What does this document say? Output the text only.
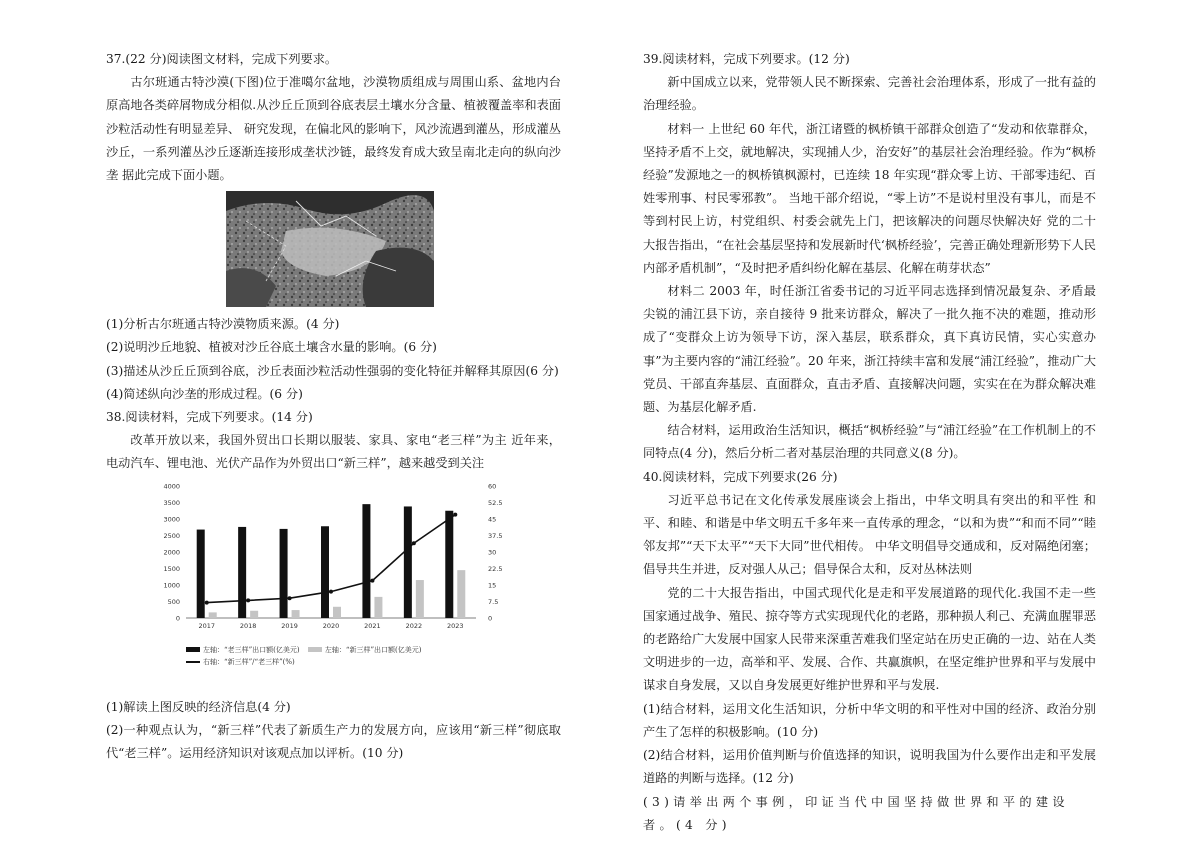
37.(22 分)阅读图文材料，完成下列要求。

古尔班通古特沙漠(下图)位于准噶尔盆地，沙漠物质组成与周围山系、盆地内台原高地各类碎屑物成分相似.从沙丘丘顶到谷底表层土壤水分含量、植被覆盖率和表面沙粒活动性有明显差异、 研究发现，在偏北风的影响下，风沙流遇到灌丛，形成灌丛沙丘，一系列灌丛沙丘逐渐连接形成垄状沙链，最终发育成大致呈南北走向的纵向沙垄 据此完成下面小题。

(1)分析古尔班通古特沙漠物质来源。(4 分)

(2)说明沙丘地貌、植被对沙丘谷底土壤含水量的影响。(6 分)

(3)描述从沙丘丘顶到谷底，沙丘表面沙粒活动性强弱的变化特征并解释其原因(6 分)

(4)简述纵向沙垄的形成过程。(6 分)

38.阅读材料，完成下列要求。(14 分)

改革开放以来，我国外贸出口长期以服装、家具、家电“老三样”为主 近年来，电动汽车、锂电池、光伏产品作为外贸出口“新三样”，越来越受到关注

4000
3500
3000
2500
2000
1500
1000
500
0
60
52.5
45
37.5
30
22.5
15
7.5
0
2017	2018	2019	2020	2021	2022	2023
左轴：“老三样”出口额(亿美元)	左轴：“新三样”出口额(亿美元)
右轴：“新三样”/“老三样”(%)

(1)解读上图反映的经济信息(4 分)

(2)一种观点认为，“新三样”代表了新质生产力的发展方向，应该用“新三样”彻底取代“老三样”。运用经济知识对该观点加以评析。(10 分)

39.阅读材料，完成下列要求。(12 分)

新中国成立以来，党带领人民不断探索、完善社会治理体系，形成了一批有益的治理经验。

材料一 上世纪 60 年代，浙江诸暨的枫桥镇干部群众创造了“发动和依靠群众，坚持矛盾不上交，就地解决，实现捕人少，治安好”的基层社会治理经验。作为“枫桥经验”发源地之一的枫桥镇枫源村，已连续 18 年实现“群众零上访、干部零违纪、百姓零刑事、村民零邪教”。 当地干部介绍说，“零上访”不是说村里没有事儿，而是不等到村民上访，村党组织、村委会就先上门，把该解决的问题尽快解决好 党的二十大报告指出，“在社会基层坚持和发展新时代‘枫桥经验’，完善正确处理新形势下人民内部矛盾机制”，“及时把矛盾纠纷化解在基层、化解在萌芽状态”

材料二 2003 年，时任浙江省委书记的习近平同志选择到情况最复杂、矛盾最尖锐的浦江县下访，亲自接待 9 批来访群众，解决了一批久拖不决的难题，推动形成了“变群众上访为领导下访，深入基层，联系群众，真下真访民情，实心实意办事”为主要内容的“浦江经验”。20 年来，浙江持续丰富和发展“浦江经验”，推动广大党员、干部直奔基层、直面群众，直击矛盾、直接解决问题，实实在在为群众解决难题、为基层化解矛盾.

结合材料，运用政治生活知识，概括“枫桥经验”与“浦江经验”在工作机制上的不同特点(4 分)，然后分析二者对基层治理的共同意义(8 分)。

40.阅读材料，完成下列要求(26 分)

习近平总书记在文化传承发展座谈会上指出，中华文明具有突出的和平性 和平、和睦、和谐是中华文明五千多年来一直传承的理念，“以和为贵”“和而不同”“睦邻友邦”“天下太平”“天下大同”世代相传。 中华文明倡导交通成和，反对隔绝闭塞；倡导共生并进，反对强人从己；倡导保合太和，反对丛林法则

党的二十大报告指出，中国式现代化是走和平发展道路的现代化.我国不走一些国家通过战争、殖民、掠夺等方式实现现代化的老路，那种损人利己、充满血腥罪恶的老路给广大发展中国家人民带来深重苦难我们坚定站在历史正确的一边、站在人类文明进步的一边，高举和平、发展、合作、共赢旗帜，在坚定维护世界和平与发展中谋求自身发展，又以自身发展更好维护世界和平与发展.

(1)结合材料，运用文化生活知识，分析中华文明的和平性对中国的经济、政治分别产生了怎样的积极影响。(10 分)

(2)结合材料，运用价值判断与价值选择的知识，说明我国为什么要作出走和平发展道路的判断与选择。(12 分)

(3)请举出两个事例，印证当代中国坚持做世界和平的建设者。(4 分)
